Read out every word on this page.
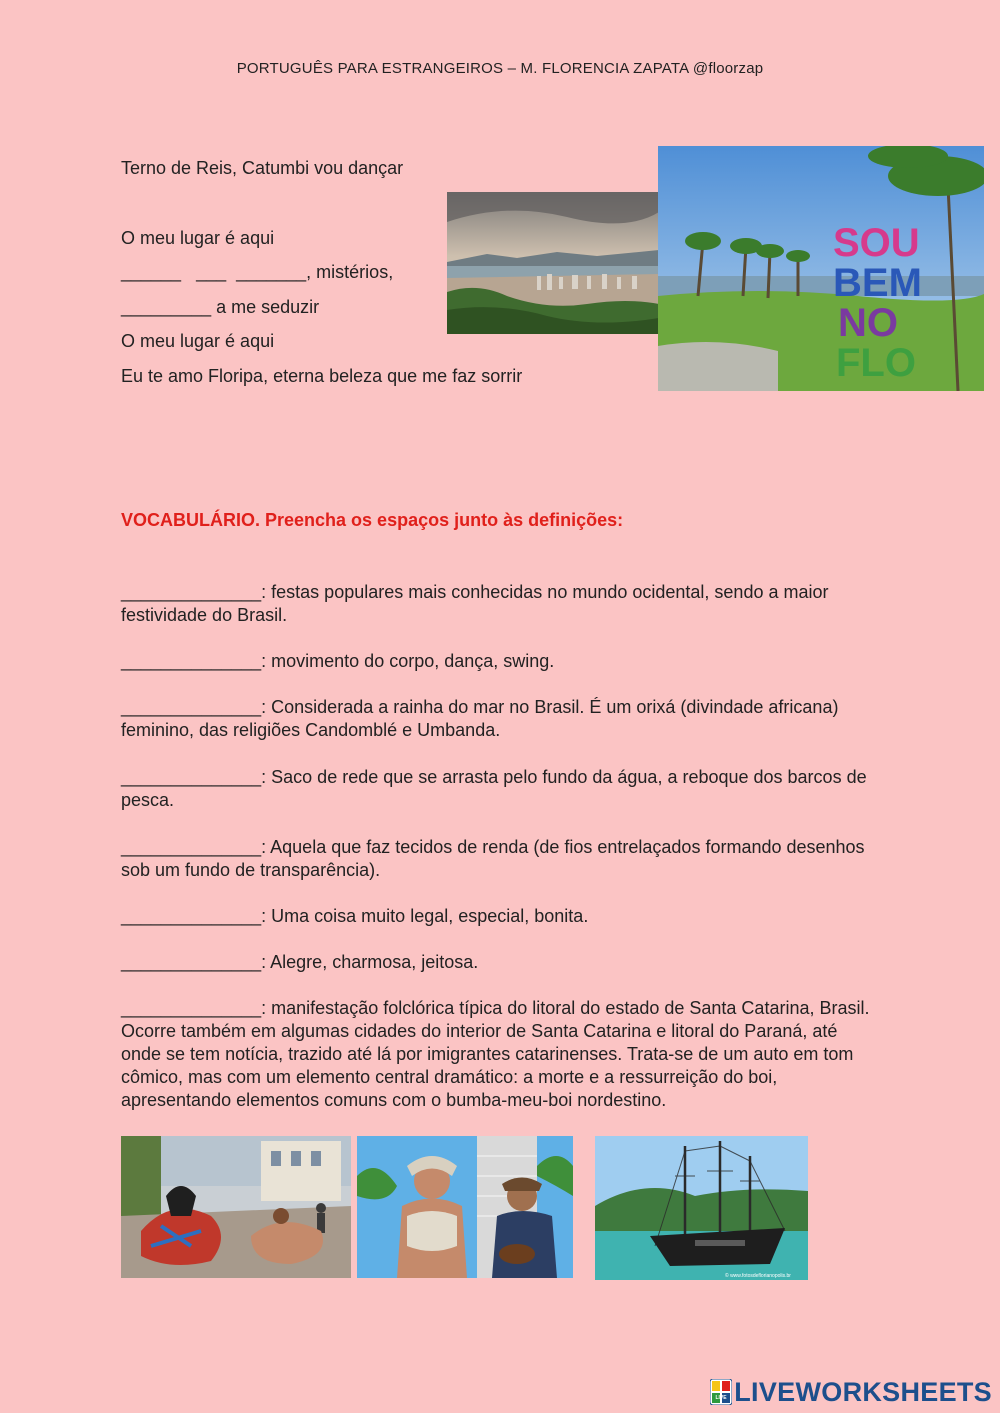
PORTUGUÊS PARA ESTRANGEIROS – M. FLORENCIA ZAPATA @floorzap
Terno de Reis, Catumbi vou dançar
O meu lugar é aqui
______   ___  _______, mistérios,
_________ a me seduzir
O meu lugar é aqui
Eu te amo Floripa, eterna beleza que me faz sorrir
SOU
BEM
NO
FLO
VOCABULÁRIO. Preencha os espaços junto às definições:
______________: festas populares mais conhecidas no mundo ocidental, sendo a maior festividade do Brasil.
______________: movimento do corpo, dança, swing.
______________: Considerada a rainha do mar no Brasil. É um orixá (divindade africana) feminino, das religiões Candomblé e Umbanda.
______________: Saco de rede que se arrasta pelo fundo da água, a reboque dos barcos de pesca.
______________: Aquela que faz tecidos de renda (de fios entrelaçados formando desenhos sob um fundo de transparência).
______________: Uma coisa muito legal, especial, bonita.
______________: Alegre, charmosa, jeitosa.
______________: manifestação folclórica típica do litoral do estado de Santa Catarina, Brasil. Ocorre também em algumas cidades do interior de Santa Catarina e litoral do Paraná, até onde se tem notícia, trazido até lá por imigrantes catarinenses. Trata-se de um auto em tom cômico, mas com um elemento central dramático: a morte e a ressurreição do boi, apresentando elementos comuns com o bumba-meu-boi nordestino.
© www.fotosdeflorianopolis.br
LIVE LIVEWORKSHEETS
